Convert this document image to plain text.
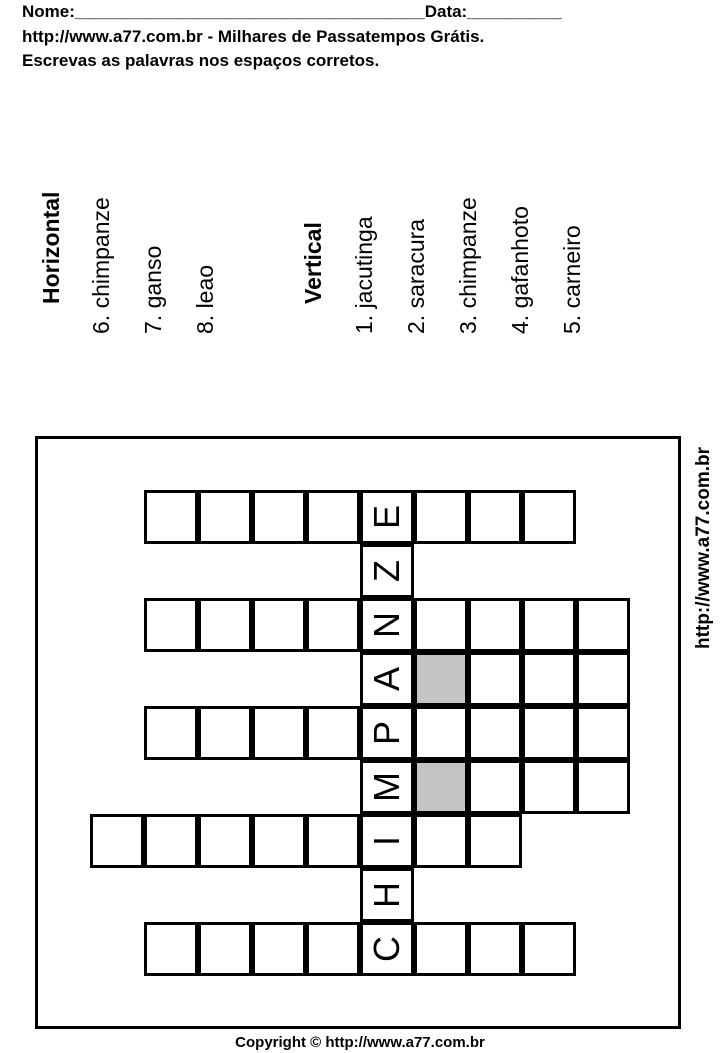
Nome:_____________________________________Data:__________
http://www.a77.com.br - Milhares de Passatempos Grátis.
Escrevas as palavras nos espaços corretos.
Horizontal 6. chimpanze 7. ganso 8. leao	Vertical 1. jacutinga 2. saracura 3. chimpanze 4. gafanhoto 5. carneiro
http://www.a77.com.br
E
Z
N
A
P
M
I
H
C
Copyright © http://www.a77.com.br
